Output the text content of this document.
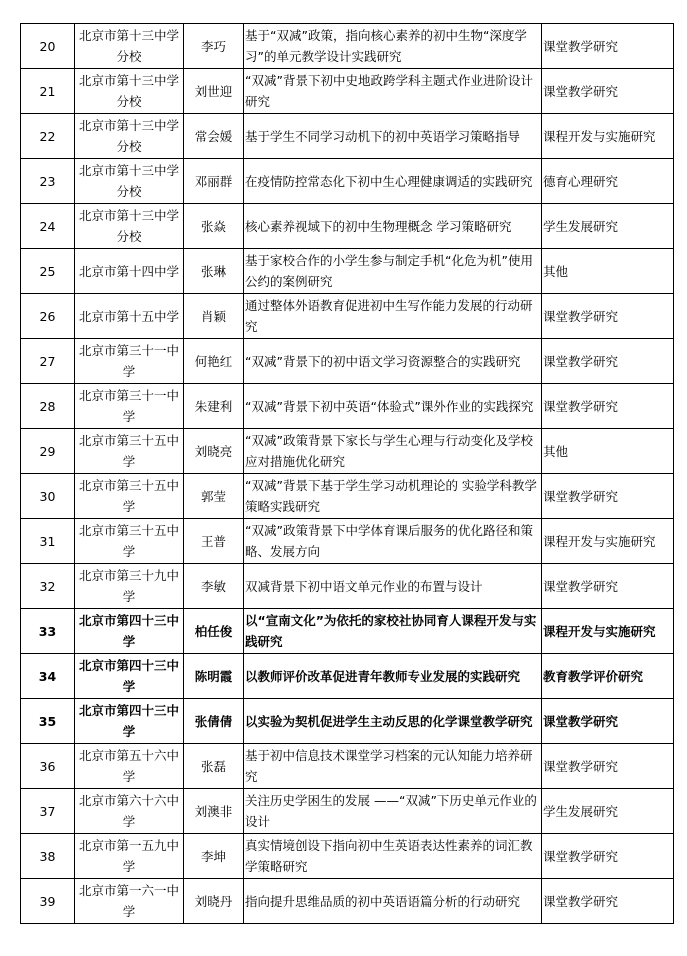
20	北京市第十三中学分校	李巧	基于“双减”政策，指向核心素养的初中生物“深度学习”的单元教学设计实践研究	课堂教学研究
21	北京市第十三中学分校	刘世迎	“双减”背景下初中史地政跨学科主题式作业进阶设计研究	课堂教学研究
22	北京市第十三中学分校	常会媛	基于学生不同学习动机下的初中英语学习策略指导	课程开发与实施研究
23	北京市第十三中学分校	邓丽群	在疫情防控常态化下初中生心理健康调适的实践研究	德育心理研究
24	北京市第十三中学分校	张焱	核心素养视域下的初中生物理概念 学习策略研究	学生发展研究
25	北京市第十四中学	张琳	基于家校合作的小学生参与制定手机“化危为机”使用公约的案例研究	其他
26	北京市第十五中学	肖颖	通过整体外语教育促进初中生写作能力发展的行动研究	课堂教学研究
27	北京市第三十一中学	何艳红	“双减”背景下的初中语文学习资源整合的实践研究	课堂教学研究
28	北京市第三十一中学	朱建利	“双减”背景下初中英语“体验式”课外作业的实践探究	课堂教学研究
29	北京市第三十五中学	刘晓亮	“双减”政策背景下家长与学生心理与行动变化及学校应对措施优化研究	其他
30	北京市第三十五中学	郭莹	“双减”背景下基于学生学习动机理论的 实验学科教学策略实践研究	课堂教学研究
31	北京市第三十五中学	王普	“双减”政策背景下中学体育课后服务的优化路径和策略、发展方向	课程开发与实施研究
32	北京市第三十九中学	李敏	双减背景下初中语文单元作业的布置与设计	课堂教学研究
33	北京市第四十三中学	柏任俊	以“宣南文化”为依托的家校社协同育人课程开发与实践研究	课程开发与实施研究
34	北京市第四十三中学	陈明霞	以教师评价改革促进青年教师专业发展的实践研究	教育教学评价研究
35	北京市第四十三中学	张倩倩	以实验为契机促进学生主动反思的化学课堂教学研究	课堂教学研究
36	北京市第五十六中学	张磊	基于初中信息技术课堂学习档案的元认知能力培养研究	课堂教学研究
37	北京市第六十六中学	刘澳非	关注历史学困生的发展 ——“双减”下历史单元作业的设计	学生发展研究
38	北京市第一五九中学	李坤	真实情境创设下指向初中生英语表达性素养的词汇教学策略研究	课堂教学研究
39	北京市第一六一中学	刘晓丹	指向提升思维品质的初中英语语篇分析的行动研究	课堂教学研究
